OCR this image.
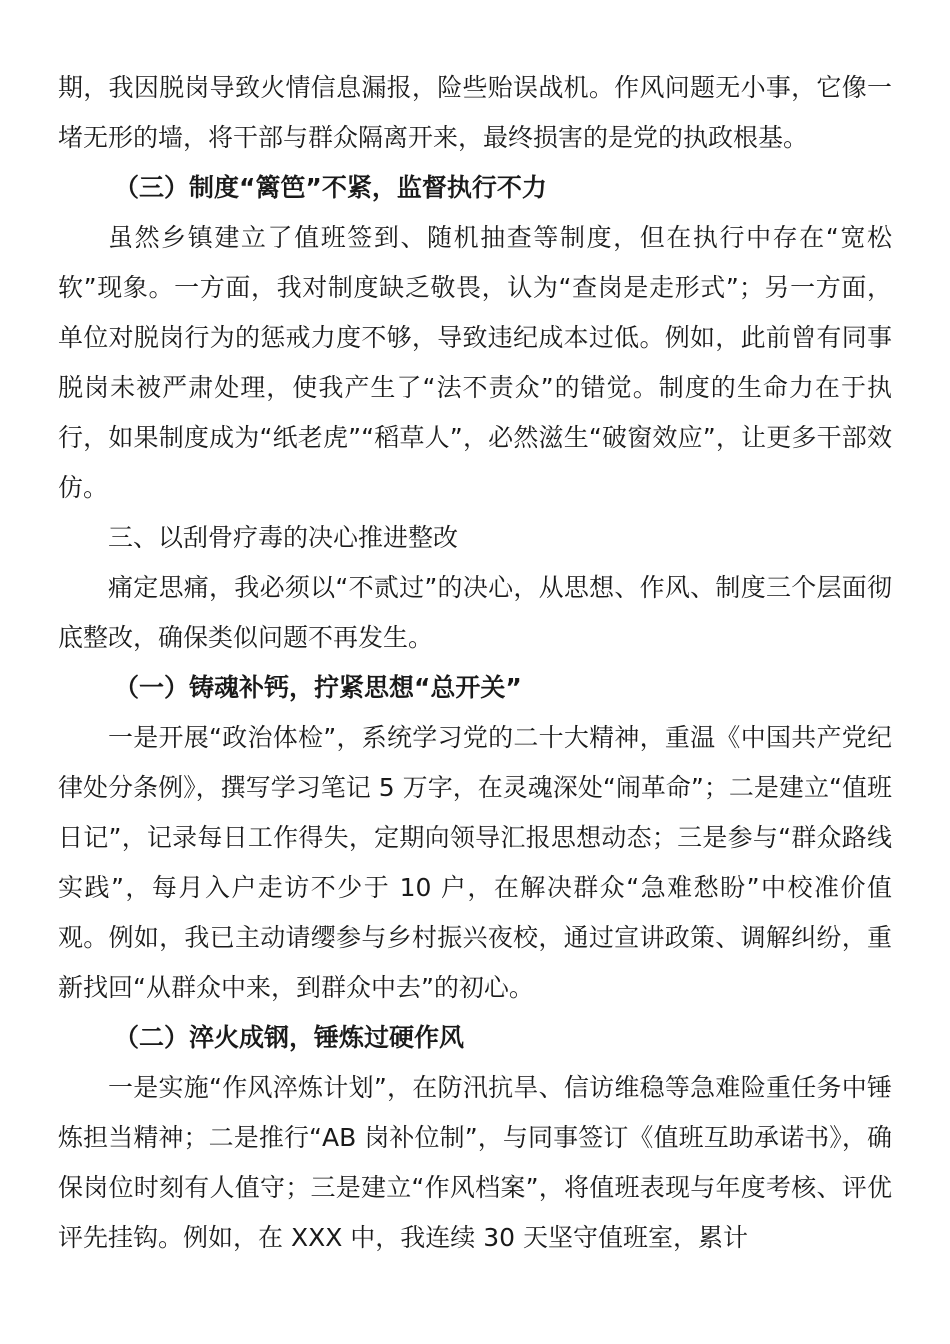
期，我因脱岗导致火情信息漏报，险些贻误战机。作风问题无小事，它像一堵无形的墙，将干部与群众隔离开来，最终损害的是党的执政根基。

（三）制度“篱笆”不紧，监督执行不力

虽然乡镇建立了值班签到、随机抽查等制度，但在执行中存在“宽松软”现象。一方面，我对制度缺乏敬畏，认为“查岗是走形式”；另一方面，单位对脱岗行为的惩戒力度不够，导致违纪成本过低。例如，此前曾有同事脱岗未被严肃处理，使我产生了“法不责众”的错觉。制度的生命力在于执行，如果制度成为“纸老虎”“稻草人”，必然滋生“破窗效应”，让更多干部效仿。

三、以刮骨疗毒的决心推进整改

痛定思痛，我必须以“不贰过”的决心，从思想、作风、制度三个层面彻底整改，确保类似问题不再发生。

（一）铸魂补钙，拧紧思想“总开关”

一是开展“政治体检”，系统学习党的二十大精神，重温《中国共产党纪律处分条例》，撰写学习笔记 5 万字，在灵魂深处“闹革命”；二是建立“值班日记”，记录每日工作得失，定期向领导汇报思想动态；三是参与“群众路线实践”，每月入户走访不少于 10 户，在解决群众“急难愁盼”中校准价值观。例如，我已主动请缨参与乡村振兴夜校，通过宣讲政策、调解纠纷，重新找回“从群众中来，到群众中去”的初心。

（二）淬火成钢，锤炼过硬作风

一是实施“作风淬炼计划”，在防汛抗旱、信访维稳等急难险重任务中锤炼担当精神；二是推行“AB 岗补位制”，与同事签订《值班互助承诺书》，确保岗位时刻有人值守；三是建立“作风档案”，将值班表现与年度考核、评优评先挂钩。例如，在 XXX 中，我连续 30 天坚守值班室，累计
